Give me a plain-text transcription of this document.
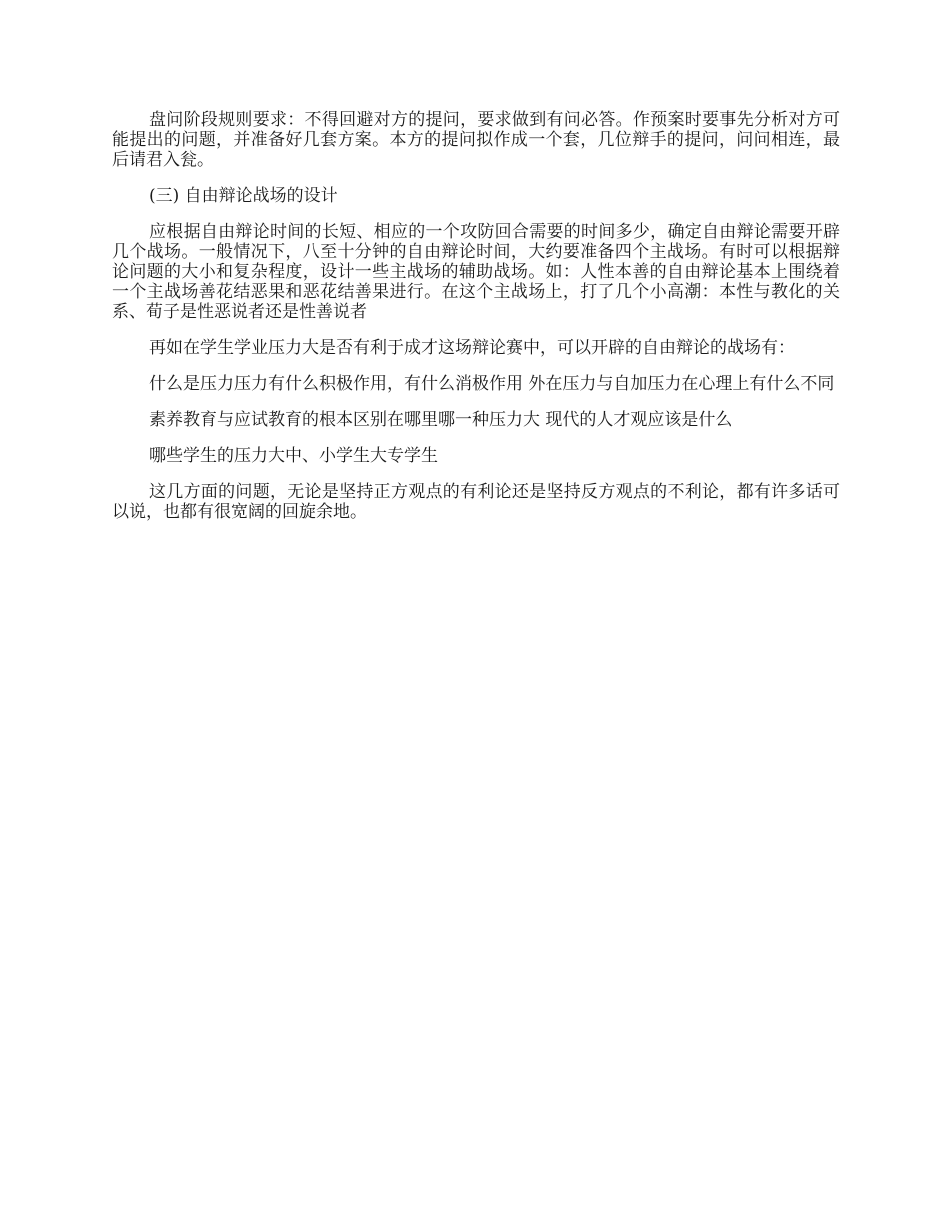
盘问阶段规则要求：不得回避对方的提问，要求做到有问必答。作预案时要事先分析对方可能提出的问题，并准备好几套方案。本方的提问拟作成一个套，几位辩手的提问，问问相连，最后请君入瓮。

(三) 自由辩论战场的设计

应根据自由辩论时间的长短、相应的一个攻防回合需要的时间多少，确定自由辩论需要开辟几个战场。一般情况下，八至十分钟的自由辩论时间，大约要准备四个主战场。有时可以根据辩论问题的大小和复杂程度，设计一些主战场的辅助战场。如：人性本善的自由辩论基本上围绕着一个主战场善花结恶果和恶花结善果进行。在这个主战场上，打了几个小高潮：本性与教化的关系、荀子是性恶说者还是性善说者

再如在学生学业压力大是否有利于成才这场辩论赛中，可以开辟的自由辩论的战场有：

什么是压力压力有什么积极作用，有什么消极作用 外在压力与自加压力在心理上有什么不同

素养教育与应试教育的根本区别在哪里哪一种压力大 现代的人才观应该是什么

哪些学生的压力大中、小学生大专学生

这几方面的问题，无论是坚持正方观点的有利论还是坚持反方观点的不利论，都有许多话可以说，也都有很宽阔的回旋余地。
